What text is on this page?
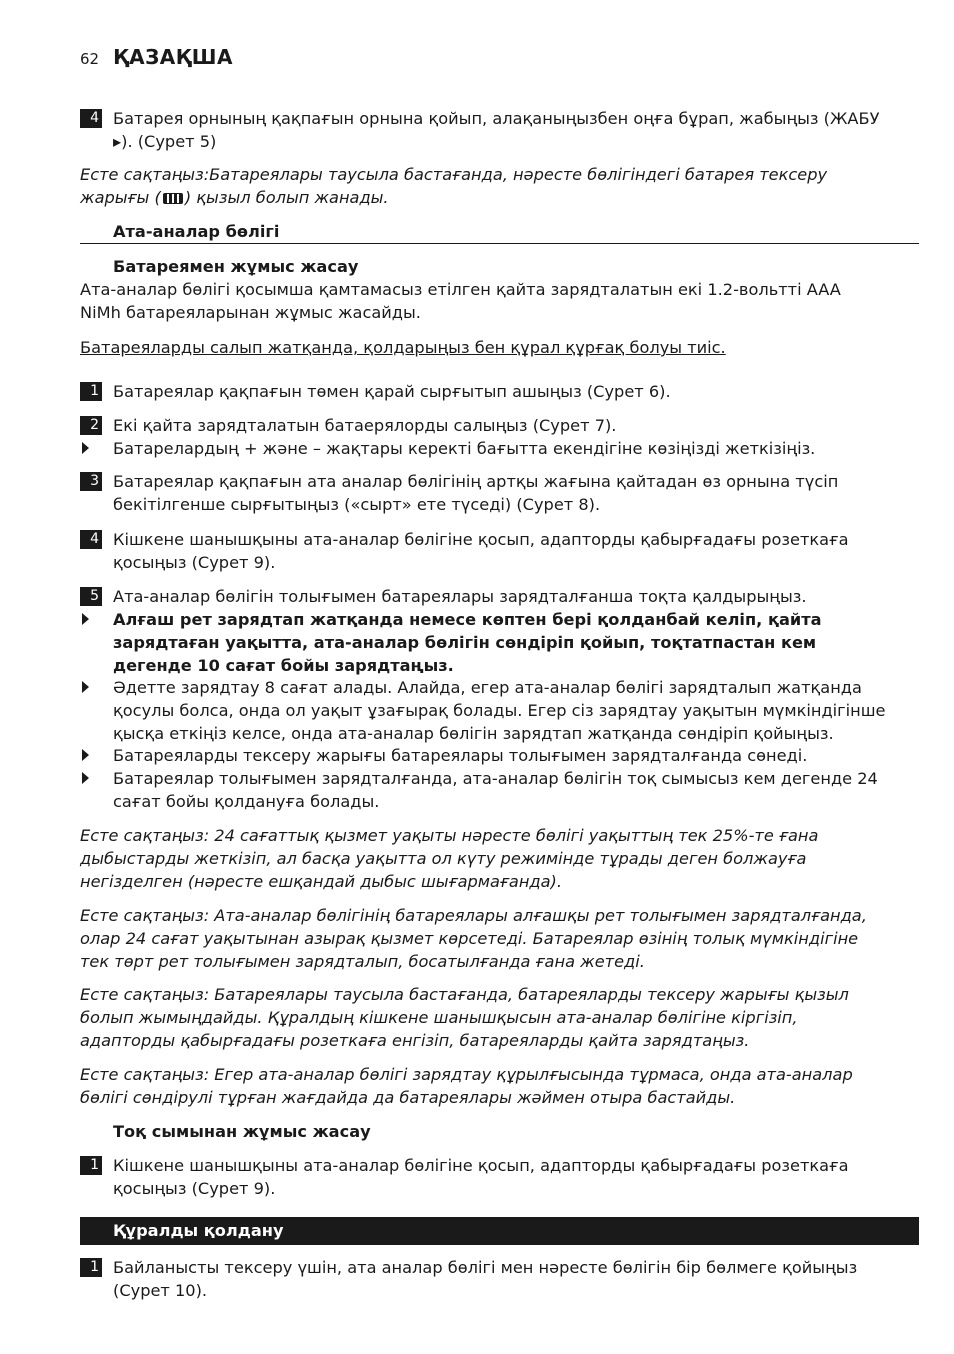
62 ҚАЗАҚША
4 Батарея орнының қақпағын орнына қойып, алақаныңызбен оңға бұрап, жабыңыз (ЖАБУ ▸). (Сурет 5)
Есте сақтаңыз:Батареялары таусыла бастағанда, нәресте бөлігіндегі батарея тексеру жарығы ( ) қызыл болып жанады.
Ата-аналар бөлігі
Батареямен жұмыс жасау
Ата-аналар бөлігі қосымша қамтамасыз етілген қайта зарядталатын екі 1.2-вольтті AAA NiMh батареяларынан жұмыс жасайды.
Батареяларды салып жатқанда, қолдарыңыз бен құрал құрғақ болуы тиіс.
1 Батареялар қақпағын төмен қарай сырғытып ашыңыз (Сурет 6).
2 Екі қайта зарядталатын батаерялорды салыңыз (Сурет 7).
Батарелардың + және – жақтары керекті бағытта екендігіне көзіңізді жеткізіңіз.
3 Батареялар қақпағын ата аналар бөлігінің артқы жағына қайтадан өз орнына түсіп бекітілгенше сырғытыңыз («сырт» ете түседі) (Сурет 8).
4 Кішкене шанышқыны ата-аналар бөлігіне қосып, адапторды қабырғадағы розеткаға қосыңыз (Сурет 9).
5 Ата-аналар бөлігін толығымен батареялары зарядталғанша тоқта қалдырыңыз.
Алғаш рет зарядтап жатқанда немесе көптен бері қолданбай келіп, қайта зарядтаған уақытта, ата-аналар бөлігін сөндіріп қойып, тоқтатпастан кем дегенде 10 сағат бойы зарядтаңыз.
Әдетте зарядтау 8 сағат алады. Алайда, егер ата-аналар бөлігі зарядталып жатқанда қосулы болса, онда ол уақыт ұзағырақ болады. Егер сіз зарядтау уақытын мүмкіндігінше қысқа еткіңіз келсе, онда ата-аналар бөлігін зарядтап жатқанда сөндіріп қойыңыз.
Батареяларды тексеру жарығы батареялары толығымен зарядталғанда сөнеді.
Батареялар толығымен зарядталғанда, ата-аналар бөлігін тоқ сымысыз кем дегенде 24 сағат бойы қолдануға болады.
Есте сақтаңыз: 24 сағаттық қызмет уақыты нәресте бөлігі уақыттың тек 25%-те ғана дыбыстарды жеткізіп, ал басқа уақытта ол күту режимінде тұрады деген болжауға негізделген (нәресте ешқандай дыбыс шығармағанда).
Есте сақтаңыз: Ата-аналар бөлігінің батареялары алғашқы рет толығымен зарядталғанда, олар 24 сағат уақытынан азырақ қызмет көрсетеді. Батареялар өзінің толық мүмкіндігіне тек төрт рет толығымен зарядталып, босатылғанда ғана жетеді.
Есте сақтаңыз: Батареялары таусыла бастағанда, батареяларды тексеру жарығы қызыл болып жымыңдайды. Құралдың кішкене шанышқысын ата-аналар бөлігіне кіргізіп, адапторды қабырғадағы розеткаға енгізіп, батареяларды қайта зарядтаңыз.
Есте сақтаңыз: Егер ата-аналар бөлігі зарядтау құрылғысында тұрмаса, онда ата-аналар бөлігі сөндірулі тұрған жағдайда да батареялары жәймен отыра бастайды.
Тоқ сымынан жұмыс жасау
1 Кішкене шанышқыны ата-аналар бөлігіне қосып, адапторды қабырғадағы розеткаға қосыңыз (Сурет 9).
Құралды қолдану
1 Байланысты тексеру үшін, ата аналар бөлігі мен нәресте бөлігін бір бөлмеге қойыңыз (Сурет 10).
